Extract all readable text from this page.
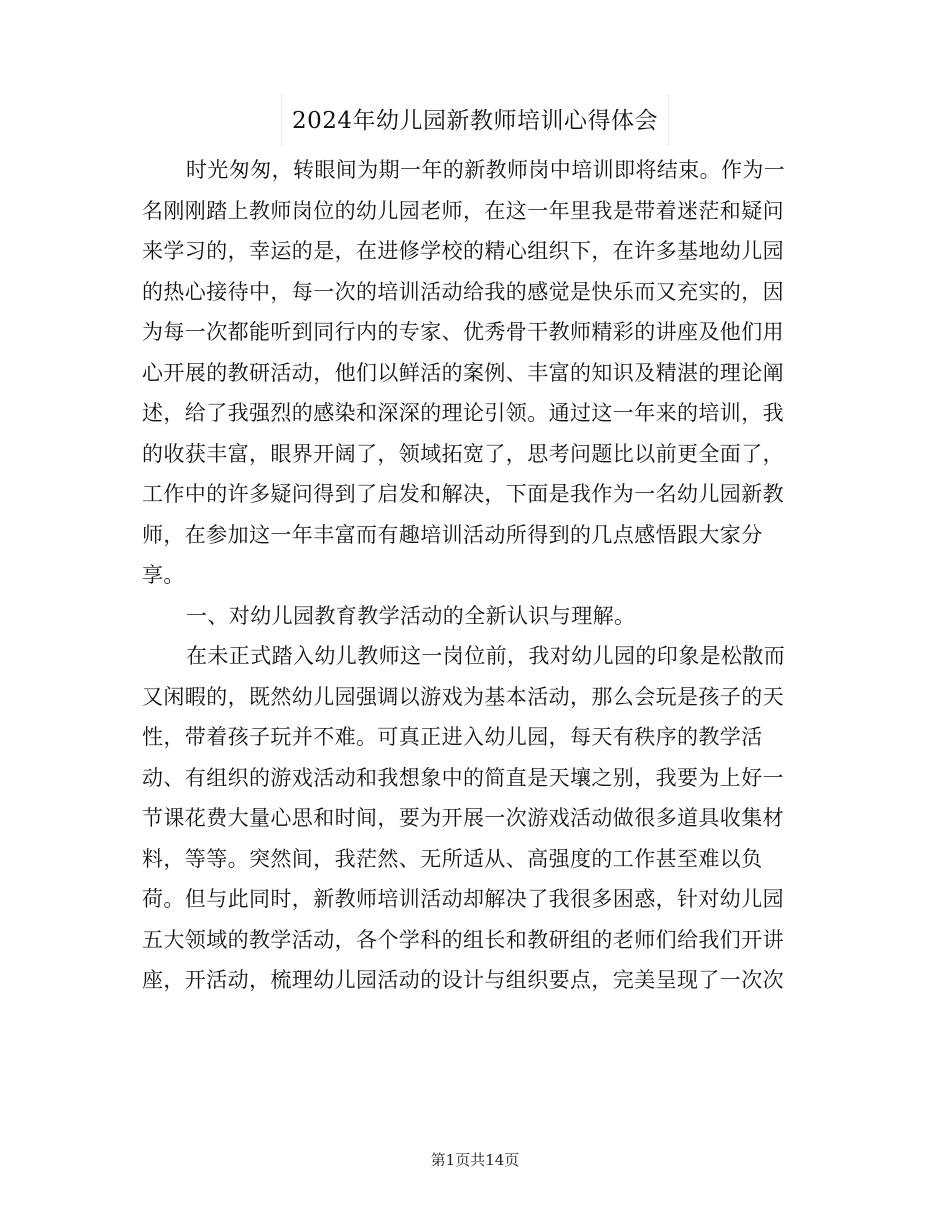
2024年幼儿园新教师培训心得体会
时光匆匆，转眼间为期一年的新教师岗中培训即将结束。作为一
名刚刚踏上教师岗位的幼儿园老师，在这一年里我是带着迷茫和疑问
来学习的，幸运的是，在进修学校的精心组织下，在许多基地幼儿园
的热心接待中，每一次的培训活动给我的感觉是快乐而又充实的，因
为每一次都能听到同行内的专家、优秀骨干教师精彩的讲座及他们用
心开展的教研活动，他们以鲜活的案例、丰富的知识及精湛的理论阐
述，给了我强烈的感染和深深的理论引领。通过这一年来的培训，我
的收获丰富，眼界开阔了，领域拓宽了，思考问题比以前更全面了，
工作中的许多疑问得到了启发和解决，下面是我作为一名幼儿园新教
师，在参加这一年丰富而有趣培训活动所得到的几点感悟跟大家分
享。
一、对幼儿园教育教学活动的全新认识与理解。
在未正式踏入幼儿教师这一岗位前，我对幼儿园的印象是松散而
又闲暇的，既然幼儿园强调以游戏为基本活动，那么会玩是孩子的天
性，带着孩子玩并不难。可真正进入幼儿园，每天有秩序的教学活
动、有组织的游戏活动和我想象中的简直是天壤之别，我要为上好一
节课花费大量心思和时间，要为开展一次游戏活动做很多道具收集材
料，等等。突然间，我茫然、无所适从、高强度的工作甚至难以负
荷。但与此同时，新教师培训活动却解决了我很多困惑，针对幼儿园
五大领域的教学活动，各个学科的组长和教研组的老师们给我们开讲
座，开活动，梳理幼儿园活动的设计与组织要点，完美呈现了一次次
第1页共14页
